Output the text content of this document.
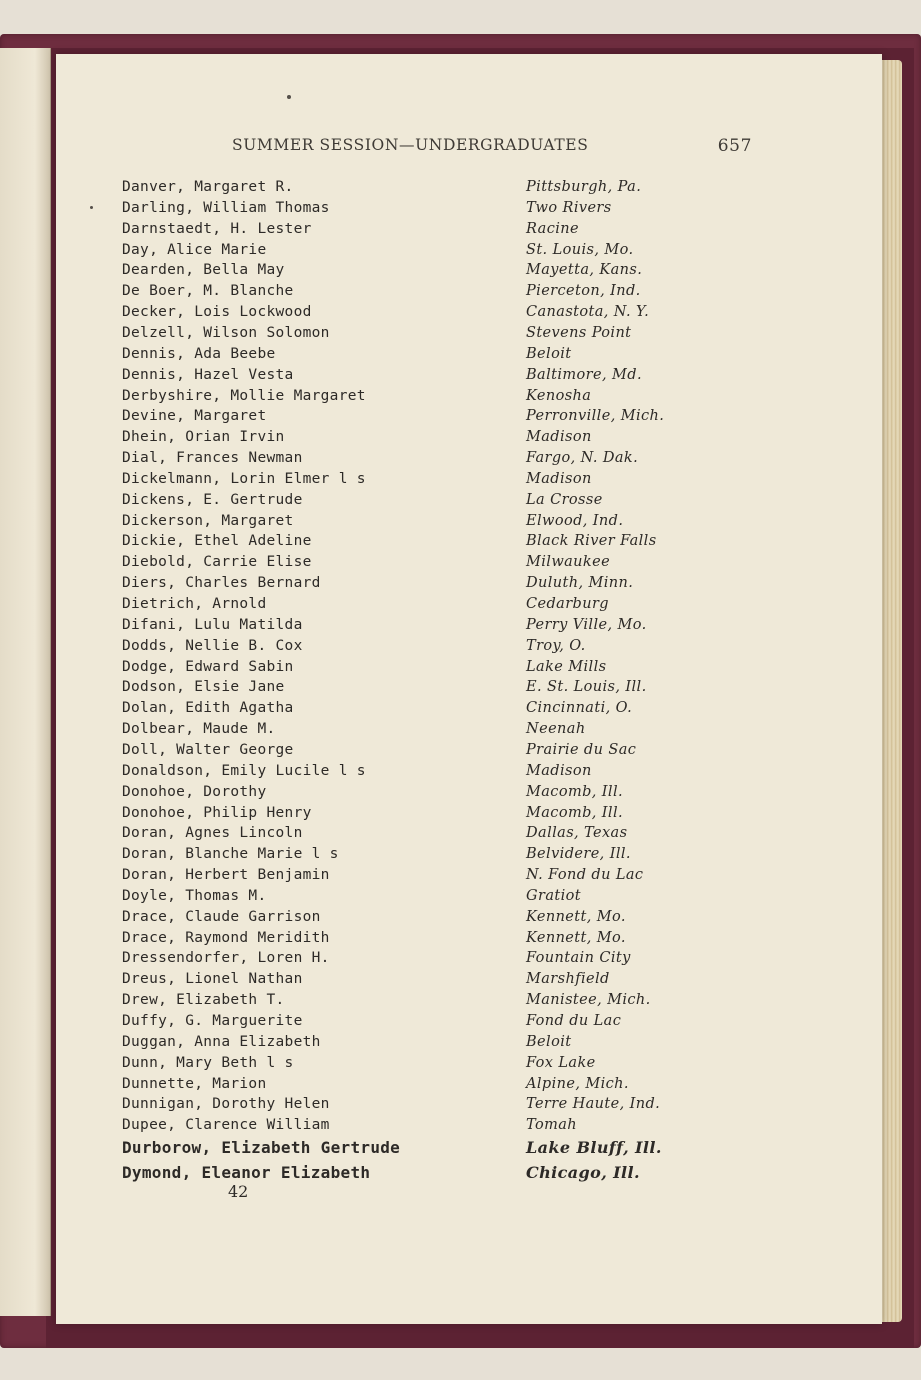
SUMMER SESSION—UNDERGRADUATES	657
Danver, Margaret R.	Pittsburgh, Pa.
Darling, William Thomas	Two Rivers
Darnstaedt, H. Lester	Racine
Day, Alice Marie	St. Louis, Mo.
Dearden, Bella May	Mayetta, Kans.
De Boer, M. Blanche	Pierceton, Ind.
Decker, Lois Lockwood	Canastota, N. Y.
Delzell, Wilson Solomon	Stevens Point
Dennis, Ada Beebe	Beloit
Dennis, Hazel Vesta	Baltimore, Md.
Derbyshire, Mollie Margaret	Kenosha
Devine, Margaret	Perronville, Mich.
Dhein, Orian Irvin	Madison
Dial, Frances Newman	Fargo, N. Dak.
Dickelmann, Lorin Elmer l s	Madison
Dickens, E. Gertrude	La Crosse
Dickerson, Margaret	Elwood, Ind.
Dickie, Ethel Adeline	Black River Falls
Diebold, Carrie Elise	Milwaukee
Diers, Charles Bernard	Duluth, Minn.
Dietrich, Arnold	Cedarburg
Difani, Lulu Matilda	Perry Ville, Mo.
Dodds, Nellie B. Cox	Troy, O.
Dodge, Edward Sabin	Lake Mills
Dodson, Elsie Jane	E. St. Louis, Ill.
Dolan, Edith Agatha	Cincinnati, O.
Dolbear, Maude M.	Neenah
Doll, Walter George	Prairie du Sac
Donaldson, Emily Lucile l s	Madison
Donohoe, Dorothy	Macomb, Ill.
Donohoe, Philip Henry	Macomb, Ill.
Doran, Agnes Lincoln	Dallas, Texas
Doran, Blanche Marie l s	Belvidere, Ill.
Doran, Herbert Benjamin	N. Fond du Lac
Doyle, Thomas M.	Gratiot
Drace, Claude Garrison	Kennett, Mo.
Drace, Raymond Meridith	Kennett, Mo.
Dressendorfer, Loren H.	Fountain City
Dreus, Lionel Nathan	Marshfield
Drew, Elizabeth T.	Manistee, Mich.
Duffy, G. Marguerite	Fond du Lac
Duggan, Anna Elizabeth	Beloit
Dunn, Mary Beth l s	Fox Lake
Dunnette, Marion	Alpine, Mich.
Dunnigan, Dorothy Helen	Terre Haute, Ind.
Dupee, Clarence William	Tomah
Durborow, Elizabeth Gertrude	Lake Bluff, Ill.
Dymond, Eleanor Elizabeth	Chicago, Ill.
42
